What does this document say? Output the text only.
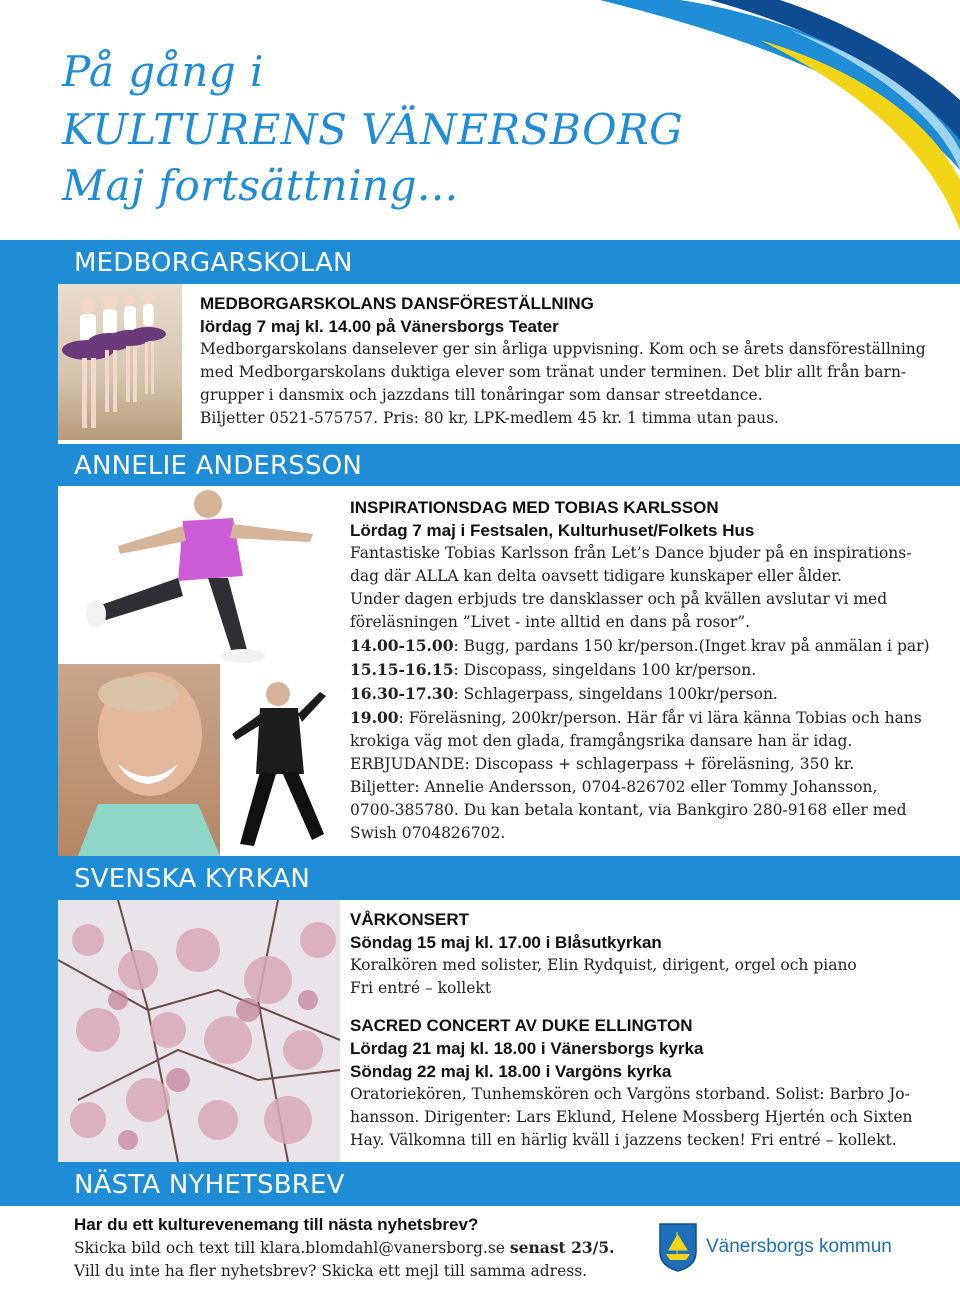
På gång i
KULTURENS VÄNERSBORG
Maj fortsättning...
MEDBORGARSKOLAN
MEDBORGARSKOLANS DANSFÖRESTÄLLNING
lördag 7 maj kl. 14.00 på Vänersborgs Teater
Medborgarskolans danselever ger sin årliga uppvisning. Kom och se årets dansföreställning
med Medborgarskolans duktiga elever som tränat under terminen. Det blir allt från barn-
grupper i dansmix och jazzdans till tonåringar som dansar streetdance.
Biljetter 0521-575757. Pris: 80 kr, LPK-medlem 45 kr. 1 timma utan paus.
ANNELIE ANDERSSON
INSPIRATIONSDAG MED TOBIAS KARLSSON
Lördag 7 maj i Festsalen, Kulturhuset/Folkets Hus
Fantastiske Tobias Karlsson från Let’s Dance bjuder på en inspirations-
dag där ALLA kan delta oavsett tidigare kunskaper eller ålder.
Under dagen erbjuds tre dansklasser och på kvällen avslutar vi med
föreläsningen ”Livet - inte alltid en dans på rosor”.
14.00-15.00: Bugg, pardans 150 kr/person.(Inget krav på anmälan i par)
15.15-16.15: Discopass, singeldans 100 kr/person.
16.30-17.30: Schlagerpass, singeldans 100kr/person.
19.00: Föreläsning, 200kr/person. Här får vi lära känna Tobias och hans
krokiga väg mot den glada, framgångsrika dansare han är idag.
ERBJUDANDE: Discopass + schlagerpass + föreläsning, 350 kr.
Biljetter: Annelie Andersson, 0704-826702 eller Tommy Johansson,
0700-385780. Du kan betala kontant, via Bankgiro 280-9168 eller med
Swish 0704826702.
SVENSKA KYRKAN
VÅRKONSERT
Söndag 15 maj kl. 17.00 i Blåsutkyrkan
Koralkören med solister, Elin Rydquist, dirigent, orgel och piano
Fri entré – kollekt
SACRED CONCERT AV DUKE ELLINGTON
Lördag 21 maj kl. 18.00 i Vänersborgs kyrka
Söndag 22 maj kl. 18.00 i Vargöns kyrka
Oratoriekören, Tunhemskören och Vargöns storband. Solist: Barbro Jo-
hansson. Dirigenter: Lars Eklund, Helene Mossberg Hjertén och Sixten
Hay. Välkomna till en härlig kväll i jazzens tecken! Fri entré – kollekt.
NÄSTA NYHETSBREV
Har du ett kulturevenemang till nästa nyhetsbrev?
Skicka bild och text till klara.blomdahl@vanersborg.se senast 23/5.
Vill du inte ha fler nyhetsbrev? Skicka ett mejl till samma adress.
Vänersborgs kommun
